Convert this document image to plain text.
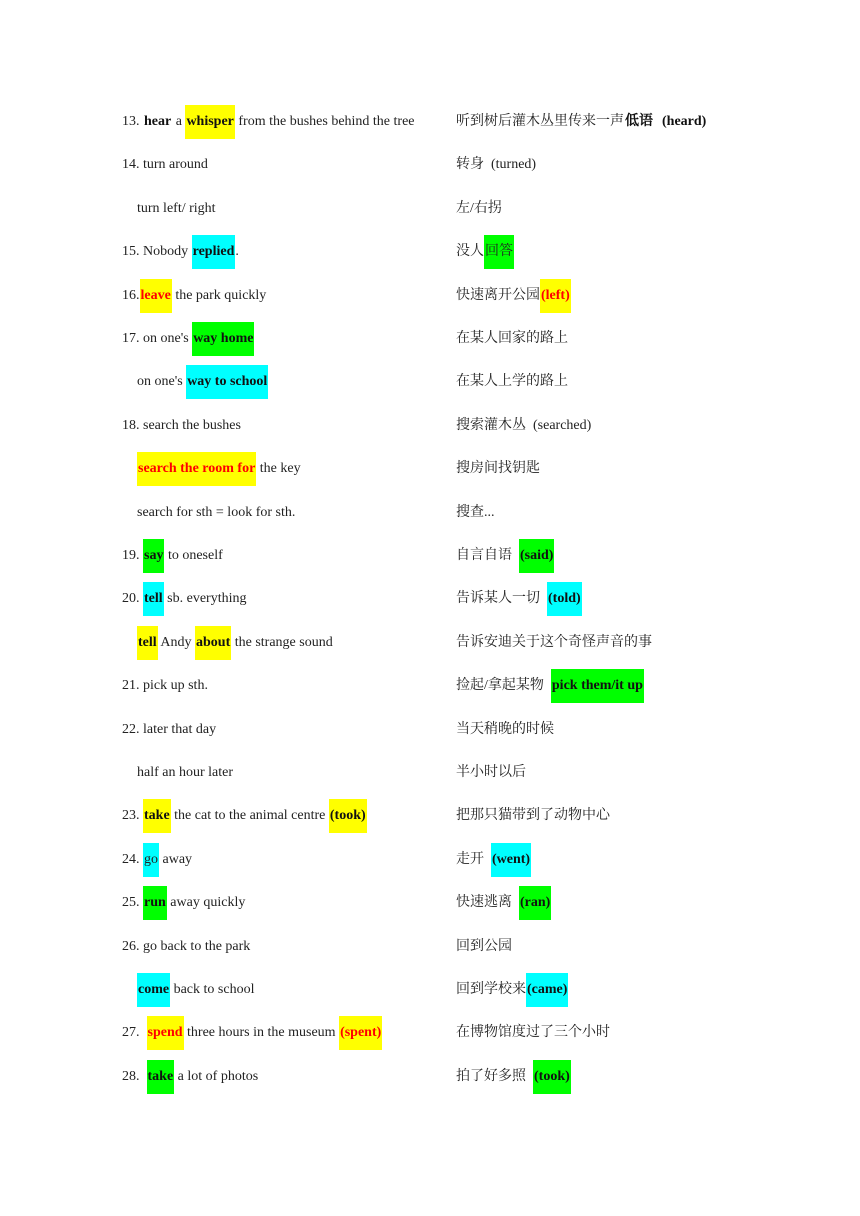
13. hear a whisper from the bushes behind the tree	听到树后灌木丛里传来一声低语 (heard)
14. turn around	转身  (turned)
turn left/ right	左/右拐
15. Nobody replied.	没人回答
16.leave the park quickly	快速离开公园(left)
17. on one's way home	在某人回家的路上
on one's way to school	在某人上学的路上
18. search the bushes	搜索灌木丛  (searched)
search the room for the key	搜房间找钥匙
search for sth = look for sth.	搜查...
19. say to oneself	自言自语  (said)
20. tell sb. everything	告诉某人一切  (told)
tell Andy about the strange sound	告诉安迪关于这个奇怪声音的事
21. pick up sth.	捡起/拿起某物  pick them/it up
22. later that day	当天稍晚的时候
half an hour later	半小时以后
23. take the cat to the animal centre (took)	把那只猫带到了动物中心
24. go away	走开  (went)
25. run away quickly	快速逃离  (ran)
26. go back to the park	回到公园
come back to school	回到学校来(came)
27. spend three hours in the museum (spent)	在博物馆度过了三个小时
28. take a lot of photos	拍了好多照  (took)
